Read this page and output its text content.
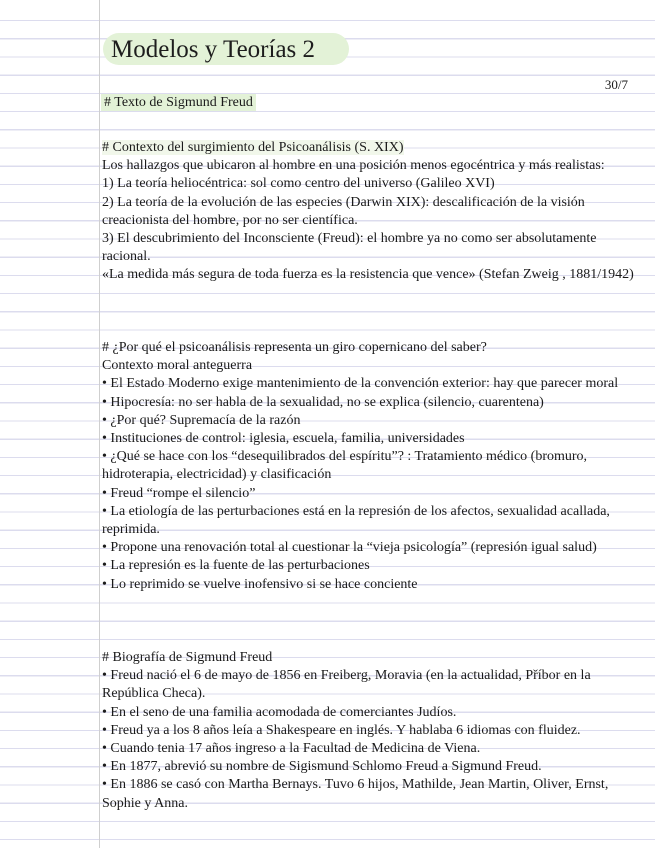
Modelos y Teorías 2
30/7

# Texto de Sigmund Freud

# Contexto del surgimiento del Psicoanálisis (S. XIX)

Los hallazgos que ubicaron al hombre en una posición menos egocéntrica y más realistas:

1) La teoría heliocéntrica: sol como centro del universo (Galileo XVI)

2) La teoría de la evolución de las especies (Darwin XIX): descalificación de la visión creacionista del hombre, por no ser científica.

3) El descubrimiento del Inconsciente (Freud): el hombre ya no como ser absolutamente racional.

«La medida más segura de toda fuerza es la resistencia que vence» (Stefan Zweig , 1881/1942)

# ¿Por qué el psicoanálisis representa un giro copernicano del saber?

Contexto moral anteguerra

• El Estado Moderno exige mantenimiento de la convención exterior: hay que parecer moral

• Hipocresía: no ser habla de la sexualidad, no se explica (silencio, cuarentena)

• ¿Por qué? Supremacía de la razón

• Instituciones de control: iglesia, escuela, familia, universidades

• ¿Qué se hace con los “desequilibrados del espíritu”? : Tratamiento médico (bromuro, hidroterapia, electricidad) y clasificación

• Freud “rompe el silencio”

• La etiología de las perturbaciones está en la represión de los afectos, sexualidad acallada, reprimida.

• Propone una renovación total al cuestionar la “vieja psicología” (represión igual salud)

• La represión es la fuente de las perturbaciones

• Lo reprimido se vuelve inofensivo si se hace conciente

# Biografía de Sigmund Freud

• Freud nació el 6 de mayo de 1856 en Freiberg, Moravia (en la actualidad, Příbor en la República Checa).

• En el seno de una familia acomodada de comerciantes Judíos.

• Freud ya a los 8 años leía a Shakespeare en inglés. Y hablaba 6 idiomas con fluidez.

• Cuando tenia 17 años ingreso a la Facultad de Medicina de Viena.

• En 1877, abrevió su nombre de Sigismund Schlomo Freud a Sigmund Freud.

• En 1886 se casó con Martha Bernays. Tuvo 6 hijos, Mathilde, Jean Martin, Oliver, Ernst, Sophie y Anna.
